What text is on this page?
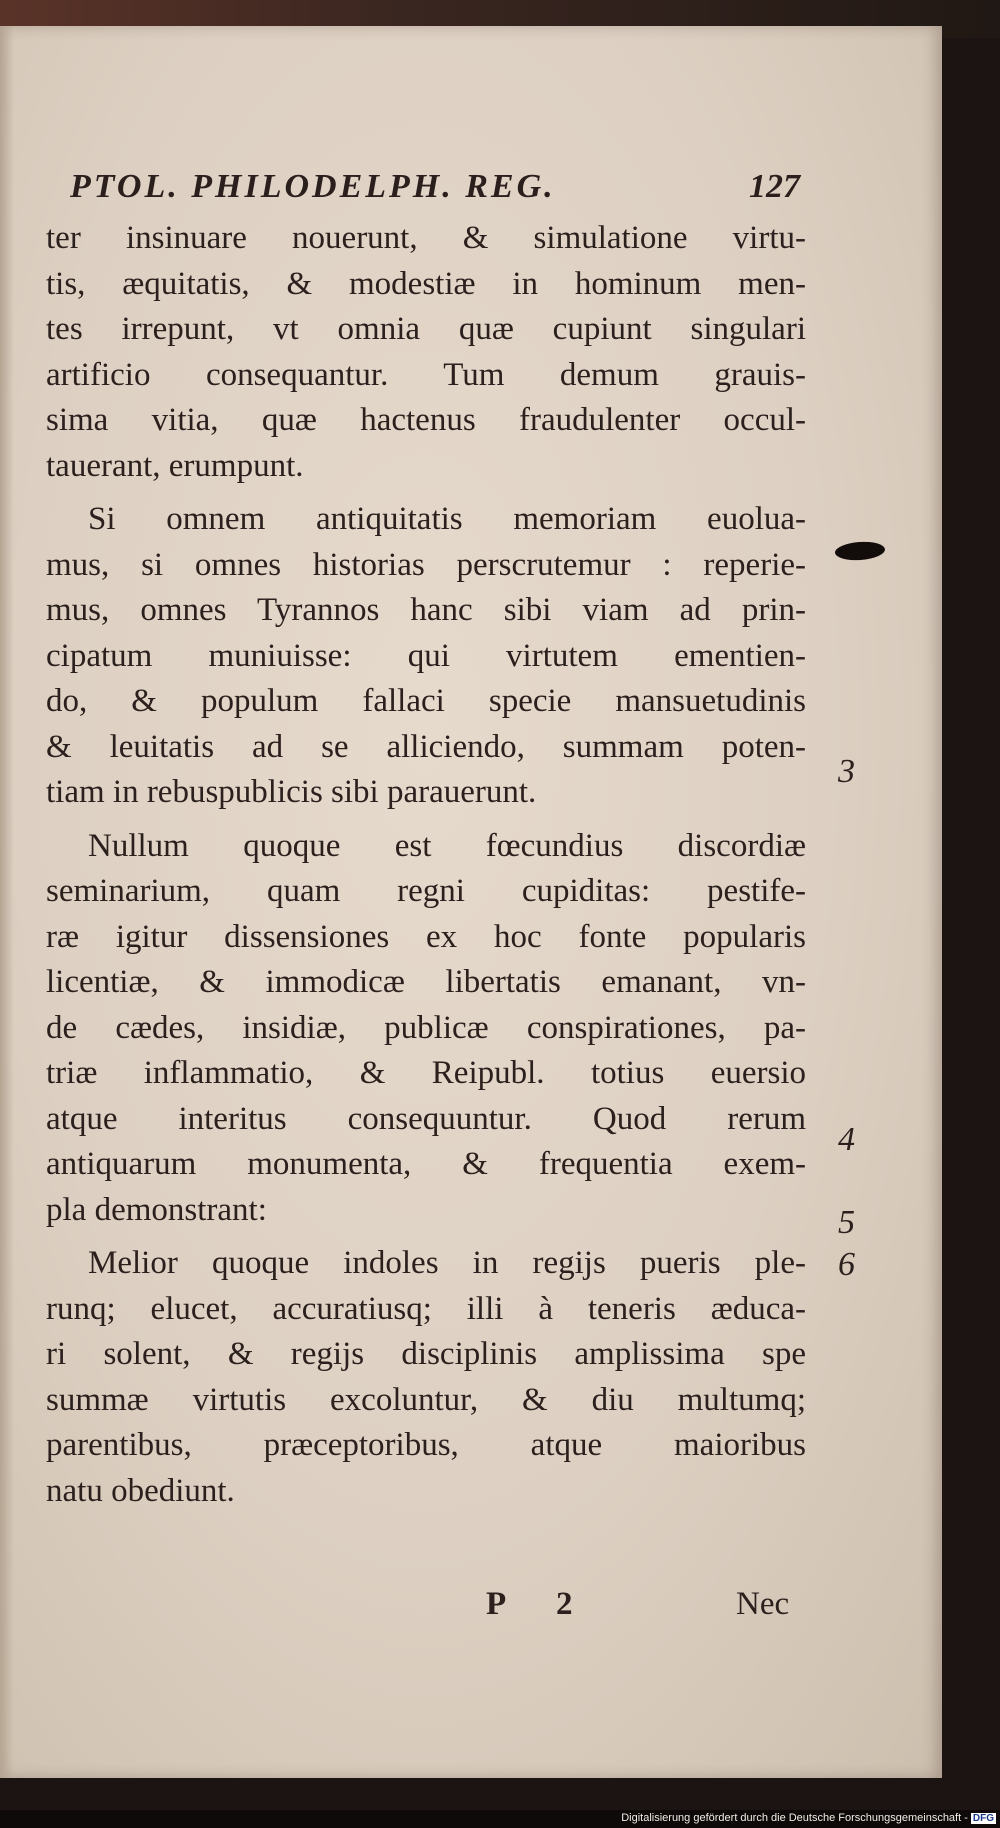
PTOL. PHILODELPH. REG.	127
ter insinuare nouerunt, & simulatione virtu-
tis, æquitatis, & modestiæ in hominum men-
tes irrepunt, vt omnia quæ cupiunt singulari
artificio consequantur. Tum demum grauis-
sima vitia, quæ hactenus fraudulenter occul-
tauerant, erumpunt.
Si omnem antiquitatis memoriam euolua-
mus, si omnes historias perscrutemur : reperie-
mus, omnes Tyrannos hanc sibi viam ad prin-
cipatum muniuisse: qui virtutem ementien-
do, & populum fallaci specie mansuetudinis
& leuitatis ad se alliciendo, summam poten-
tiam in rebuspublicis sibi parauerunt.
Nullum quoque est fœcundius discordiæ
seminarium, quam regni cupiditas: pestife-
ræ igitur dissensiones ex hoc fonte popularis
licentiæ, & immodicæ libertatis emanant, vn-
de cædes, insidiæ, publicæ conspirationes, pa-
triæ inflammatio, & Reipubl. totius euersio
atque interitus consequuntur. Quod rerum
antiquarum monumenta, & frequentia exem-
pla demonstrant:
Melior quoque indoles in regijs pueris ple-
runq; elucet, accuratiusq; illi à teneris æduca-
ri solent, & regijs disciplinis amplissima spe
summæ virtutis excoluntur, & diu multumq;
parentibus, præceptoribus, atque maioribus
natu obediunt.
P 2	Nec
3
4
5
6
Digitalisierung gefördert durch die Deutsche Forschungsgemeinschaft - DFG
